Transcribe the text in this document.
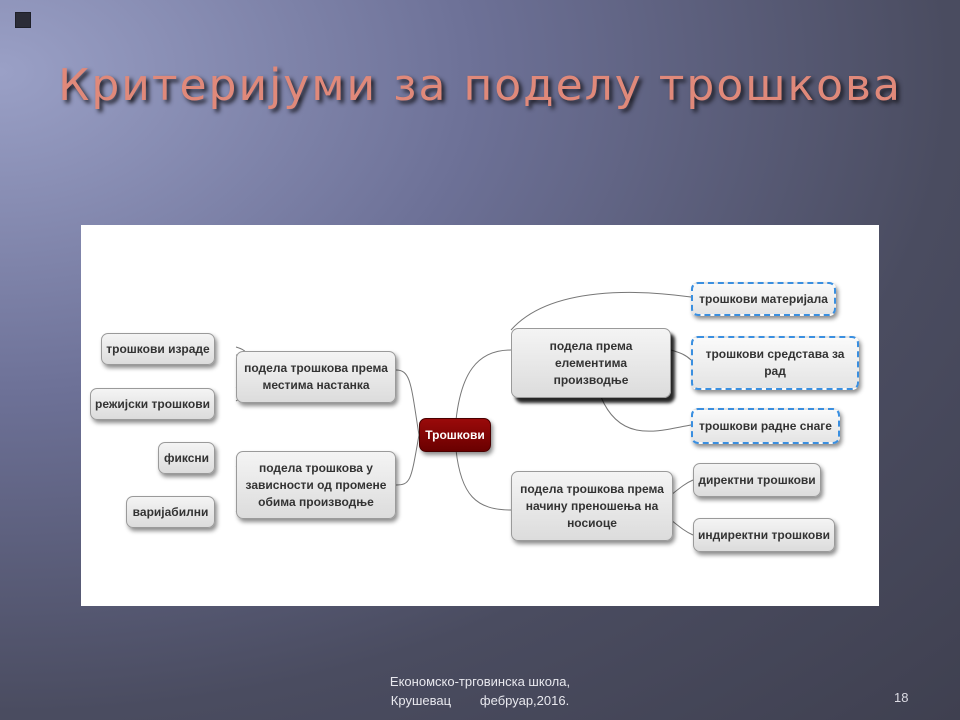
Критеријуми за поделу трошкова
Трошкови
подела трошкова према местима настанка
трошкови израде
режијски трошкови
подела трошкова у зависности од промене обима производње
фиксни
варијабилни
подела према елементима производње
трошкови материјала
трошкови средстава за рад
трошкови радне снаге
подела трошкова према начину преношења на носиоце
директни трошкови
индиректни трошкови
Економско-трговинска школа,
Крушевац        фебруар,2016.	18
